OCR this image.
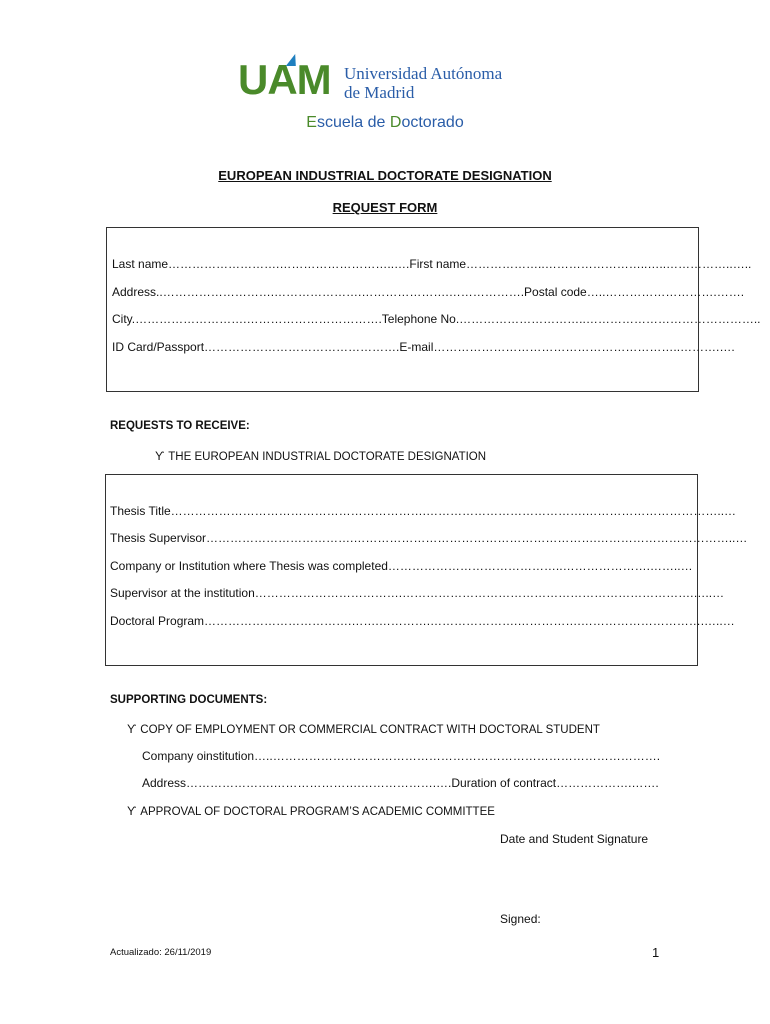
UAM Universidad Autónoma
de Madrid
Escuela de Doctorado
EUROPEAN INDUSTRIAL DOCTORATE DESIGNATION
REQUEST FORM
Last name……………………….………………………..….First name………………..……………………..…..……………..…..
Address..……………………….………………….………………….……………….Postal code…..……………………….…….
City.……………………….…………………………….Telephone No.…………………………..……………………………………..
ID Card/Passport………………………………………….E-mail……………………………………………………..……….….
REQUESTS TO RECEIVE:
ϒ THE EUROPEAN INDUSTRIAL DOCTORATE DESIGNATION
Thesis Title……………………………………………………….………………………………….……………………………..…
Thesis Supervisor……………………………….…………………………………………………….……………………………..…
Company or Institution where Thesis was completed……………………………………..………………….……..…
Supervisor at the institution……………………………….……………………………………………………………….…..…
Doctoral Program……………………………….…….………….………………….…………….………………………….…..…
SUPPORTING DOCUMENTS:
ϒ COPY OF EMPLOYMENT OR COMMERCIAL CONTRACT WITH DOCTORAL STUDENT
Company oinstitution…..…………………………………………………………………………………….
Address………………….………………….……………….….Duration of contract……………….…….
ϒ APPROVAL OF DOCTORAL PROGRAM’S ACADEMIC COMMITTEE
Date and Student Signature
Signed:
Actualizado: 26/11/2019	1
